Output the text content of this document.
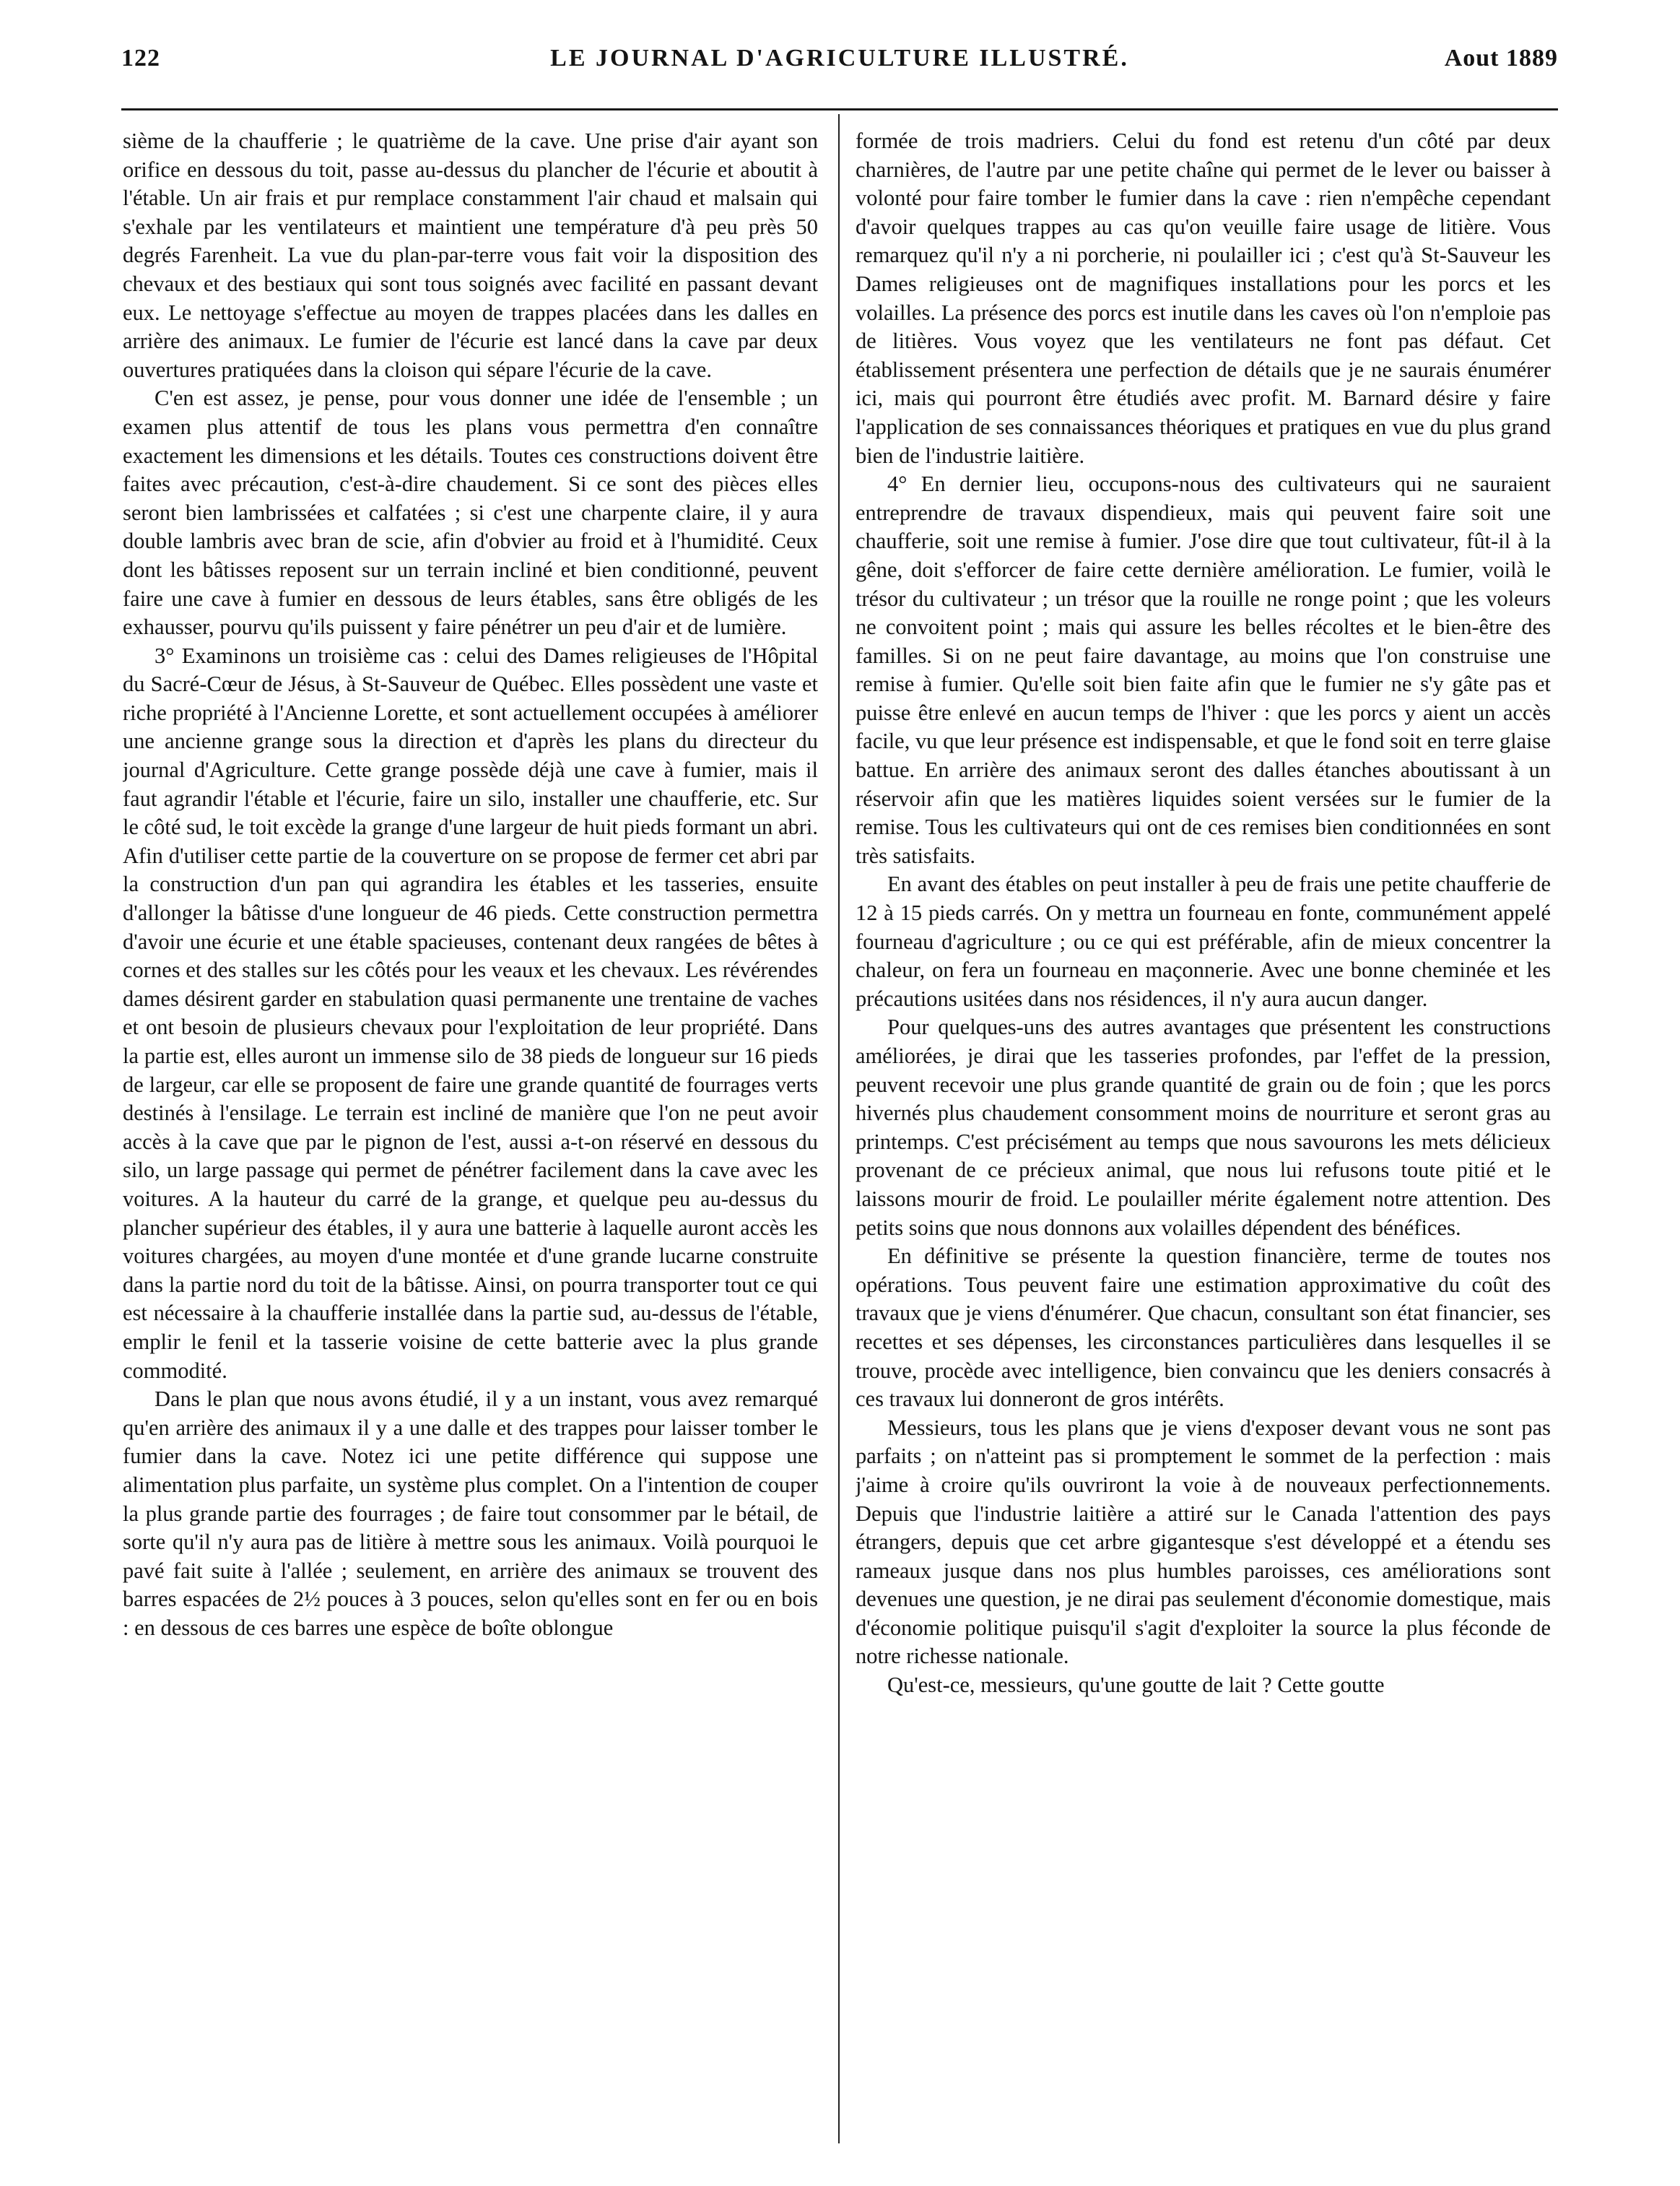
122	LE JOURNAL D'AGRICULTURE ILLUSTRÉ.	Aout 1889

sième de la chaufferie ; le quatrième de la cave. Une prise d'air ayant son orifice en dessous du toit, passe au-dessus du plancher de l'écurie et aboutit à l'étable. Un air frais et pur remplace constamment l'air chaud et malsain qui s'exhale par les ventilateurs et maintient une température d'à peu près 50 degrés Farenheit. La vue du plan-par-terre vous fait voir la disposition des chevaux et des bestiaux qui sont tous soignés avec facilité en passant devant eux. Le nettoyage s'effectue au moyen de trappes placées dans les dalles en arrière des animaux. Le fumier de l'écurie est lancé dans la cave par deux ouvertures pratiquées dans la cloison qui sépare l'écurie de la cave.

C'en est assez, je pense, pour vous donner une idée de l'ensemble ; un examen plus attentif de tous les plans vous permettra d'en connaître exactement les dimensions et les détails. Toutes ces constructions doivent être faites avec précaution, c'est-à-dire chaudement. Si ce sont des pièces elles seront bien lambrissées et calfatées ; si c'est une charpente claire, il y aura double lambris avec bran de scie, afin d'obvier au froid et à l'humidité. Ceux dont les bâtisses reposent sur un terrain incliné et bien conditionné, peuvent faire une cave à fumier en dessous de leurs étables, sans être obligés de les exhausser, pourvu qu'ils puissent y faire pénétrer un peu d'air et de lumière.

3° Examinons un troisième cas : celui des Dames religieuses de l'Hôpital du Sacré-Cœur de Jésus, à St-Sauveur de Québec. Elles possèdent une vaste et riche propriété à l'Ancienne Lorette, et sont actuellement occupées à améliorer une ancienne grange sous la direction et d'après les plans du directeur du journal d'Agriculture. Cette grange possède déjà une cave à fumier, mais il faut agrandir l'étable et l'écurie, faire un silo, installer une chaufferie, etc. Sur le côté sud, le toit excède la grange d'une largeur de huit pieds formant un abri. Afin d'utiliser cette partie de la couverture on se propose de fermer cet abri par la construction d'un pan qui agrandira les étables et les tasseries, ensuite d'allonger la bâtisse d'une longueur de 46 pieds. Cette construction permettra d'avoir une écurie et une étable spacieuses, contenant deux rangées de bêtes à cornes et des stalles sur les côtés pour les veaux et les chevaux. Les révérendes dames désirent garder en stabulation quasi permanente une trentaine de vaches et ont besoin de plusieurs chevaux pour l'exploitation de leur propriété. Dans la partie est, elles auront un immense silo de 38 pieds de longueur sur 16 pieds de largeur, car elle se proposent de faire une grande quantité de fourrages verts destinés à l'ensilage. Le terrain est incliné de manière que l'on ne peut avoir accès à la cave que par le pignon de l'est, aussi a-t-on réservé en dessous du silo, un large passage qui permet de pénétrer facilement dans la cave avec les voitures. A la hauteur du carré de la grange, et quelque peu au-dessus du plancher supérieur des étables, il y aura une batterie à laquelle auront accès les voitures chargées, au moyen d'une montée et d'une grande lucarne construite dans la partie nord du toit de la bâtisse. Ainsi, on pourra transporter tout ce qui est nécessaire à la chaufferie installée dans la partie sud, au-dessus de l'étable, emplir le fenil et la tasserie voisine de cette batterie avec la plus grande commodité.

Dans le plan que nous avons étudié, il y a un instant, vous avez remarqué qu'en arrière des animaux il y a une dalle et des trappes pour laisser tomber le fumier dans la cave. Notez ici une petite différence qui suppose une alimentation plus parfaite, un système plus complet. On a l'intention de couper la plus grande partie des fourrages ; de faire tout consommer par le bétail, de sorte qu'il n'y aura pas de litière à mettre sous les animaux. Voilà pourquoi le pavé fait suite à l'allée ; seulement, en arrière des animaux se trouvent des barres espacées de 2½ pouces à 3 pouces, selon qu'elles sont en fer ou en bois : en dessous de ces barres une espèce de boîte oblongue

formée de trois madriers. Celui du fond est retenu d'un côté par deux charnières, de l'autre par une petite chaîne qui permet de le lever ou baisser à volonté pour faire tomber le fumier dans la cave : rien n'empêche cependant d'avoir quelques trappes au cas qu'on veuille faire usage de litière. Vous remarquez qu'il n'y a ni porcherie, ni poulailler ici ; c'est qu'à St-Sauveur les Dames religieuses ont de magnifiques installations pour les porcs et les volailles. La présence des porcs est inutile dans les caves où l'on n'emploie pas de litières. Vous voyez que les ventilateurs ne font pas défaut. Cet établissement présentera une perfection de détails que je ne saurais énumérer ici, mais qui pourront être étudiés avec profit. M. Barnard désire y faire l'application de ses connaissances théoriques et pratiques en vue du plus grand bien de l'industrie laitière.

4° En dernier lieu, occupons-nous des cultivateurs qui ne sauraient entreprendre de travaux dispendieux, mais qui peuvent faire soit une chaufferie, soit une remise à fumier. J'ose dire que tout cultivateur, fût-il à la gêne, doit s'efforcer de faire cette dernière amélioration. Le fumier, voilà le trésor du cultivateur ; un trésor que la rouille ne ronge point ; que les voleurs ne convoitent point ; mais qui assure les belles récoltes et le bien-être des familles. Si on ne peut faire davantage, au moins que l'on construise une remise à fumier. Qu'elle soit bien faite afin que le fumier ne s'y gâte pas et puisse être enlevé en aucun temps de l'hiver : que les porcs y aient un accès facile, vu que leur présence est indispensable, et que le fond soit en terre glaise battue. En arrière des animaux seront des dalles étanches aboutissant à un réservoir afin que les matières liquides soient versées sur le fumier de la remise. Tous les cultivateurs qui ont de ces remises bien conditionnées en sont très satisfaits.

En avant des étables on peut installer à peu de frais une petite chaufferie de 12 à 15 pieds carrés. On y mettra un fourneau en fonte, communément appelé fourneau d'agriculture ; ou ce qui est préférable, afin de mieux concentrer la chaleur, on fera un fourneau en maçonnerie. Avec une bonne cheminée et les précautions usitées dans nos résidences, il n'y aura aucun danger.

Pour quelques-uns des autres avantages que présentent les constructions améliorées, je dirai que les tasseries profondes, par l'effet de la pression, peuvent recevoir une plus grande quantité de grain ou de foin ; que les porcs hivernés plus chaudement consomment moins de nourriture et seront gras au printemps. C'est précisément au temps que nous savourons les mets délicieux provenant de ce précieux animal, que nous lui refusons toute pitié et le laissons mourir de froid. Le poulailler mérite également notre attention. Des petits soins que nous donnons aux volailles dépendent des bénéfices.

En définitive se présente la question financière, terme de toutes nos opérations. Tous peuvent faire une estimation approximative du coût des travaux que je viens d'énumérer. Que chacun, consultant son état financier, ses recettes et ses dépenses, les circonstances particulières dans lesquelles il se trouve, procède avec intelligence, bien convaincu que les deniers consacrés à ces travaux lui donneront de gros intérêts.

Messieurs, tous les plans que je viens d'exposer devant vous ne sont pas parfaits ; on n'atteint pas si promptement le sommet de la perfection : mais j'aime à croire qu'ils ouvriront la voie à de nouveaux perfectionnements. Depuis que l'industrie laitière a attiré sur le Canada l'attention des pays étrangers, depuis que cet arbre gigantesque s'est développé et a étendu ses rameaux jusque dans nos plus humbles paroisses, ces améliorations sont devenues une question, je ne dirai pas seulement d'économie domestique, mais d'économie politique puisqu'il s'agit d'exploiter la source la plus féconde de notre richesse nationale.

Qu'est-ce, messieurs, qu'une goutte de lait ? Cette goutte
